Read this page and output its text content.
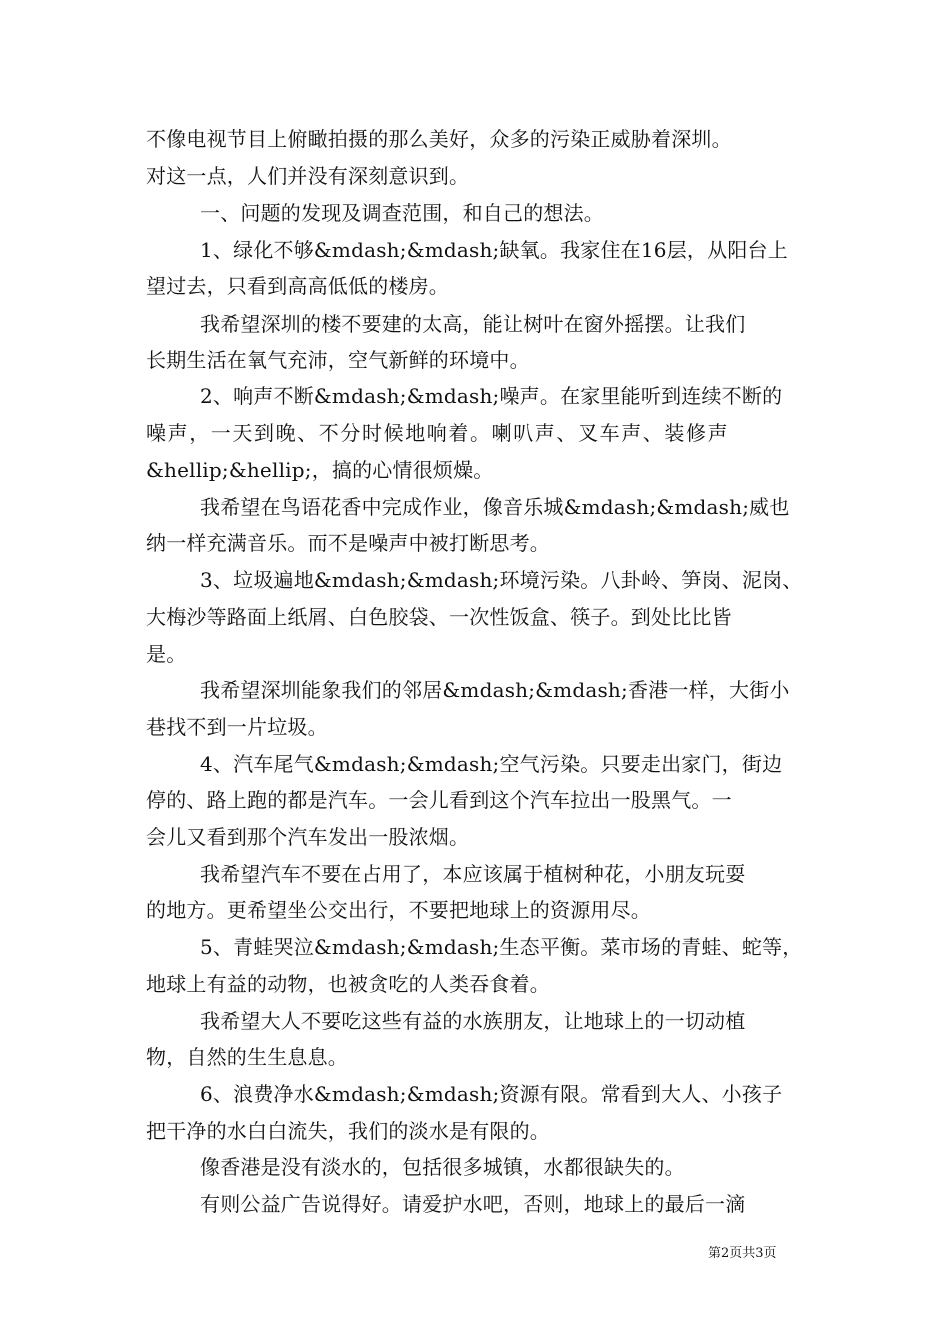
不像电视节目上俯瞰拍摄的那么美好，众多的污染正威胁着深圳。
对这一点，人们并没有深刻意识到。
一、问题的发现及调查范围，和自己的想法。
1、绿化不够&mdash;&mdash;缺氧。我家住在16层，从阳台上
望过去，只看到高高低低的楼房。
我希望深圳的楼不要建的太高，能让树叶在窗外摇摆。让我们
长期生活在氧气充沛，空气新鲜的环境中。
2、响声不断&mdash;&mdash;噪声。在家里能听到连续不断的
噪声，一天到晚、不分时候地响着。喇叭声、叉车声、装修声
&hellip;&hellip;，搞的心情很烦燥。
我希望在鸟语花香中完成作业，像音乐城&mdash;&mdash;威也
纳一样充满音乐。而不是噪声中被打断思考。
3、垃圾遍地&mdash;&mdash;环境污染。八卦岭、笋岗、泥岗、
大梅沙等路面上纸屑、白色胶袋、一次性饭盒、筷子。到处比比皆
是。
我希望深圳能象我们的邻居&mdash;&mdash;香港一样，大街小
巷找不到一片垃圾。
4、汽车尾气&mdash;&mdash;空气污染。只要走出家门，街边
停的、路上跑的都是汽车。一会儿看到这个汽车拉出一股黑气。一
会儿又看到那个汽车发出一股浓烟。
我希望汽车不要在占用了，本应该属于植树种花，小朋友玩耍
的地方。更希望坐公交出行，不要把地球上的资源用尽。
5、青蛙哭泣&mdash;&mdash;生态平衡。菜市场的青蛙、蛇等，
地球上有益的动物，也被贪吃的人类吞食着。
我希望大人不要吃这些有益的水族朋友，让地球上的一切动植
物，自然的生生息息。
6、浪费净水&mdash;&mdash;资源有限。常看到大人、小孩子
把干净的水白白流失，我们的淡水是有限的。
像香港是没有淡水的，包括很多城镇，水都很缺失的。
有则公益广告说得好。请爱护水吧，否则，地球上的最后一滴
第2页共3页
